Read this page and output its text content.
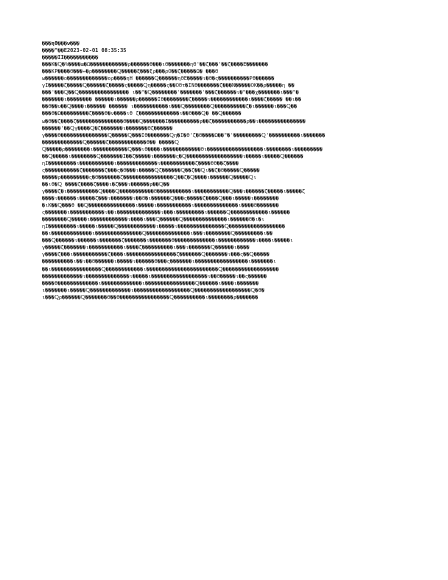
���ηΘ���ν���
����"��Ε2023-02-01 08:35:35
�����ΙΙ�����������
���Κ�Ⴍ�%����ш�Ω������������ρ������Θ���ιΘ�������ηΘ'��ζ���'��ζ����Ε�������
���ΚΡ����Θ���⇔�ρ��������Ⴍ�����ξ���ξρ���ρΟ��ζ�����Ω� ���Θ
ω������o�������������ορ����ηΗ ������Ⴍ������ηΘΕ�����ι�θ�ς����������ΡΘ������
γΙ�����ζ�����Ⴍ������ζ�����ς�����Ⴍη�����ς��ΟΘτ�ΙΝΘ�������ζ���Ν�����ΟΚ��ρ�����η ��
���'���Ⴍ��Ⴍ���������������� ι��"�Ⴍ��������'�������'���ζ������ι�"���χ�������ι���"�
�������ι�������� ������ι������ρ������ΙΘ��������ζ�����ι������������ι����ζ����� ��ι��
��Θ��υ��Ⴍ����ι������ ������ ι�����������ι���Ⴍ��������Ⴍ����������ζ�ι������ι���Ⴍ��
���Θ�Ω���������ζ����Θ�ν����ιΘ ζ�������������ι��Θ���Ⴍ� ��Ⴍ������
ω�Θ��ζ����ζ���������������Θ����Ⴍ�������Ι����������ρ��ζ�����������ρ��ι���������������
������'��Ⴍγ����Ⴍ�ζ�������ι�������Θζ������
γ����Θ���������������Ⴍ�����Ⴍ���ΙΘ�������Ⴍη�Ι�Θ'ζ�Θ����Ω��"�'���������Ⴍ'����������ι�������
�������������Ⴍ������ζ������������Θ�� �����Ⴍ
Ⴍ�����ρ��������ι�����������Ⴍ���ιΘ����ι������������Θι������������������ι��������ι���������
��Ⴍ�����ι��������Ⴍ�������Ι��ζ�����ι�������ς�Ⴍ������������������ι�����ι�����Ⴍ������
ηΙ���������ι�����������ι�������������ι�����������ζ����ΘΘ��ζ����
ς�����������ζ�������ζ���ς�Θ���ι�����Ⴍζ������Ⴍ��ζ��Ⴍι��ζ�Θ�����Ⴍ�����
�����ρ���������ς�Θ�������ζ����������������Ⴍ��ζ�Ⴍ����ι������Ⴍ�����Ⴍι
��ιΘ�Ⴍ ����ζ����ζ����ι�ζ���ι������ρ��Ⴍ��
γ����ζ�ι����������Ⴍ����Ⴍ�����������Θ�����������ι�����������Ⴍ���ι������ζ�����ι�����ζ
����ι������ι�����ζ���ι�������ι��Θ�ι������Ⴍ���ς�����ζ����Ⴍ���ι�����ι��������
�ιΚ��Ⴍ���Θ ��Ⴍ���������������ι�����ι�����������ι��������������ι����Θ�������
ς�������ι�����������ι��ι��������������ι���ι���������ι������Ⴍ������������ι������
��������Ⴍ�����ι������������ι����ι���Ⴍ������Ⴍ��������������ι������Θ�ι�ι
ηΙ���������ι�����ι�����Ⴍ������������ι�����ι���������������Ⴍ������������������
��ι�������������ι���������������Ⴍ��������������ι���ι��������Ⴍ���������ι��
���Ⴍ������ι������ι�������ζ�������ι�������Θ�������������ι������������ι����ι�����ι
γ�����ζ�������ι�����������ι����ζ����������ι���ι�������Ⴍ������ι����
γ����ζ���ι�����������ζ����ι����������������ζ�������Ⴍ�������ι���ς��Ⴍ�����
����������ι��ι��Θ������ι�����ι������Θ���ς�������ι�����������������ι�������ι
��ι����������������Ⴍ������������ι�����������������������Ⴍ������������������
�������������ι��������������ι�����ι������������������ι��Θ�����ι��ς������
����Θ�������������ι�������������ι����������������Ⴍ������ι����ι�������
ι�������ι�����Ⴍ�������������ι������������������Ⴍ������������������Ⴍ�Θ�
ι���Ⴍρ������Ⴍ�������Θ��Θ����������������Ⴍ����������ι��������ρ�������
